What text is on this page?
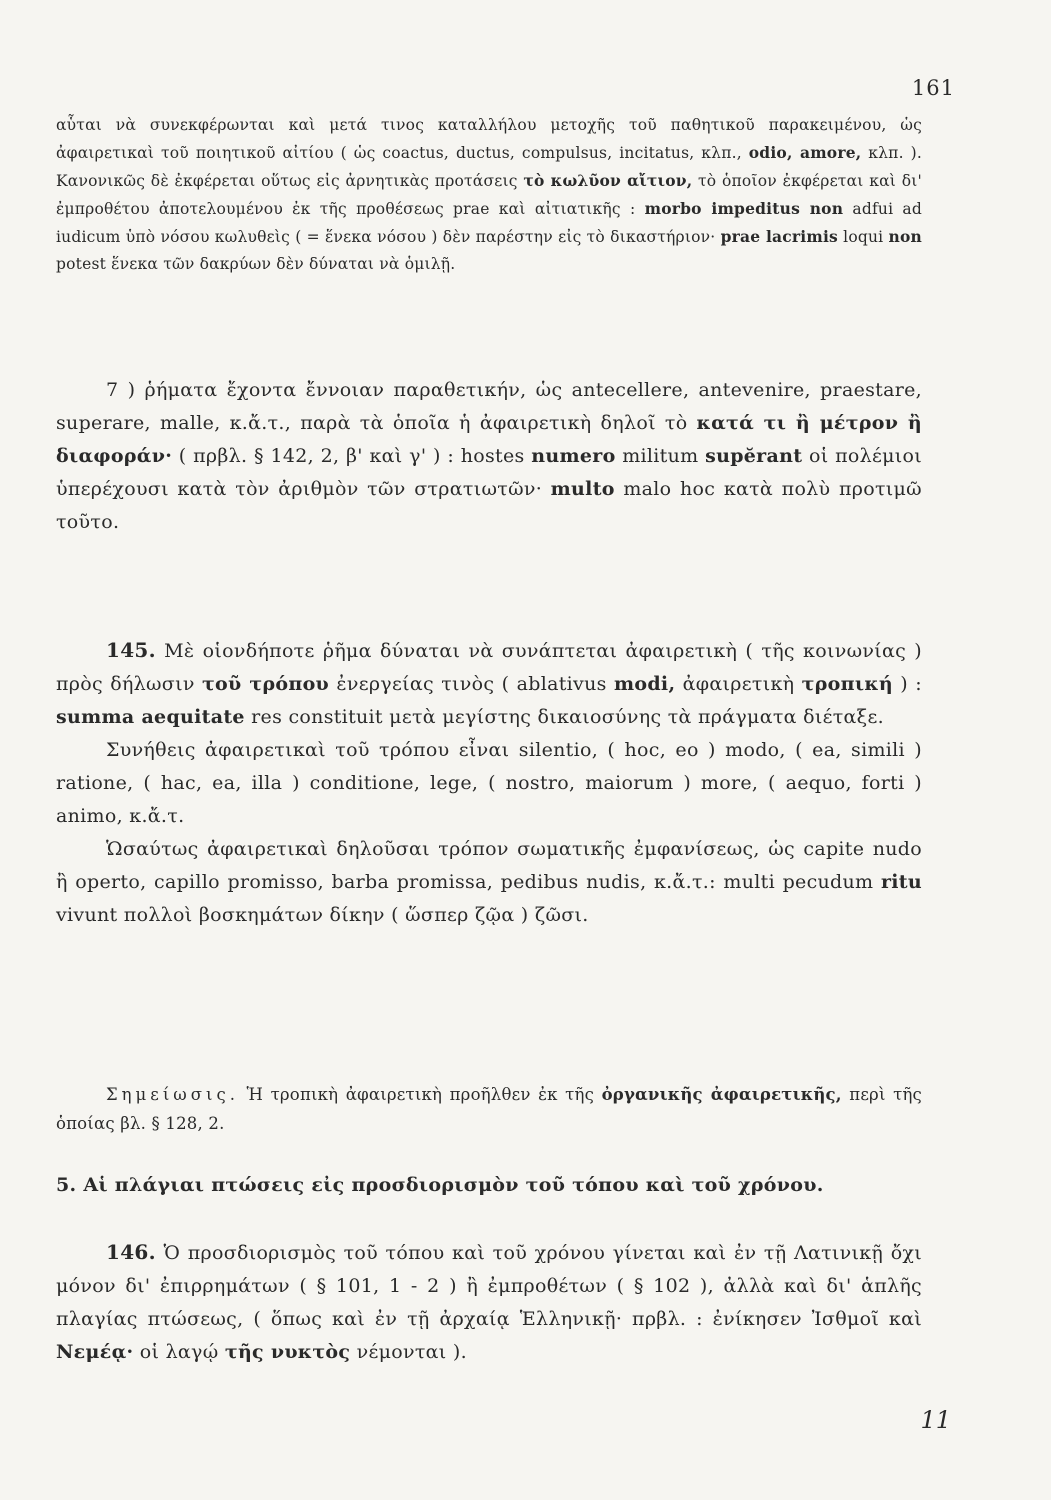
161

αὗται νὰ συνεκφέρωνται καὶ μετά τινος καταλλήλου μετοχῆς τοῦ παθητικοῦ παρακειμένου, ὡς ἀφαιρετικαὶ τοῦ ποιητικοῦ αἰτίου ( ὡς coactus, ductus, compulsus, incitatus, κλπ., odio, amore, κλπ. ). Κανονικῶς δὲ ἐκφέρεται οὕτως εἰς ἀρνητικὰς προτάσεις τὸ κωλῦον αἴτιον, τὸ ὁποῖον ἐκφέρεται καὶ δι' ἐμπροθέτου ἀποτελουμένου ἐκ τῆς προθέσεως prae καὶ αἰτιατικῆς : morbo impeditus non adfui ad iudicum ὑπὸ νόσου κωλυθεὶς ( = ἕνεκα νόσου ) δὲν παρέστην εἰς τὸ δικαστήριον· prae lacrimis loqui non potest ἕνεκα τῶν δακρύων δὲν δύναται νὰ ὁμιλῇ.

7 ) ῥήματα ἔχοντα ἔννοιαν παραθετικήν, ὡς antecellere, antevenire, praestare, superare, malle, κ.ἄ.τ., παρὰ τὰ ὁποῖα ἡ ἀφαιρετικὴ δηλοῖ τὸ κατά τι ἢ μέτρον ἢ διαφοράν· ( πρβλ. § 142, 2, β' καὶ γ' ) : hostes numero militum supĕrant οἱ πολέμιοι ὑπερέχουσι κατὰ τὸν ἀριθμὸν τῶν στρατιωτῶν· multo malo hoc κατὰ πολὺ προτιμῶ τοῦτο.

145. Μὲ οἱονδήποτε ῥῆμα δύναται νὰ συνάπτεται ἀφαιρετικὴ ( τῆς κοινωνίας ) πρὸς δήλωσιν τοῦ τρόπου ἐνεργείας τινὸς ( ablativus modi, ἀφαιρετικὴ τροπική ) : summa aequitate res constituit μετὰ μεγίστης δικαιοσύνης τὰ πράγματα διέταξε.

Συνήθεις ἀφαιρετικαὶ τοῦ τρόπου εἶναι silentio, ( hoc, eo ) modo, ( ea, simili ) ratione, ( hac, ea, illa ) conditione, lege, ( nostro, maiorum ) more, ( aequo, forti ) animo, κ.ἄ.τ.

Ὡσαύτως ἀφαιρετικαὶ δηλοῦσαι τρόπον σωματικῆς ἐμφανίσεως, ὡς capite nudo ἢ operto, capillo promisso, barba promissa, pedibus nudis, κ.ἄ.τ.: multi pecudum ritu vivunt πολλοὶ βοσκημάτων δίκην ( ὥσπερ ζῷα ) ζῶσι.

Σημείωσις. Ἡ τροπικὴ ἀφαιρετικὴ προῆλθεν ἐκ τῆς ὀργανικῆς ἀφαιρετικῆς, περὶ τῆς ὁποίας βλ. § 128, 2.

5. Αἱ πλάγιαι πτώσεις εἰς προσδιορισμὸν τοῦ τόπου καὶ τοῦ χρόνου.

146. Ὁ προσδιορισμὸς τοῦ τόπου καὶ τοῦ χρόνου γίνεται καὶ ἐν τῇ Λατινικῇ ὄχι μόνον δι' ἐπιρρημάτων ( § 101, 1 - 2 ) ἢ ἐμπροθέτων ( § 102 ), ἀλλὰ καὶ δι' ἁπλῆς πλαγίας πτώσεως, ( ὅπως καὶ ἐν τῇ ἀρχαίᾳ Ἑλληνικῇ· πρβλ. : ἐνίκησεν Ἰσθμοῖ καὶ Νεμέᾳ· οἱ λαγῴ τῆς νυκτὸς νέμονται ).

11
